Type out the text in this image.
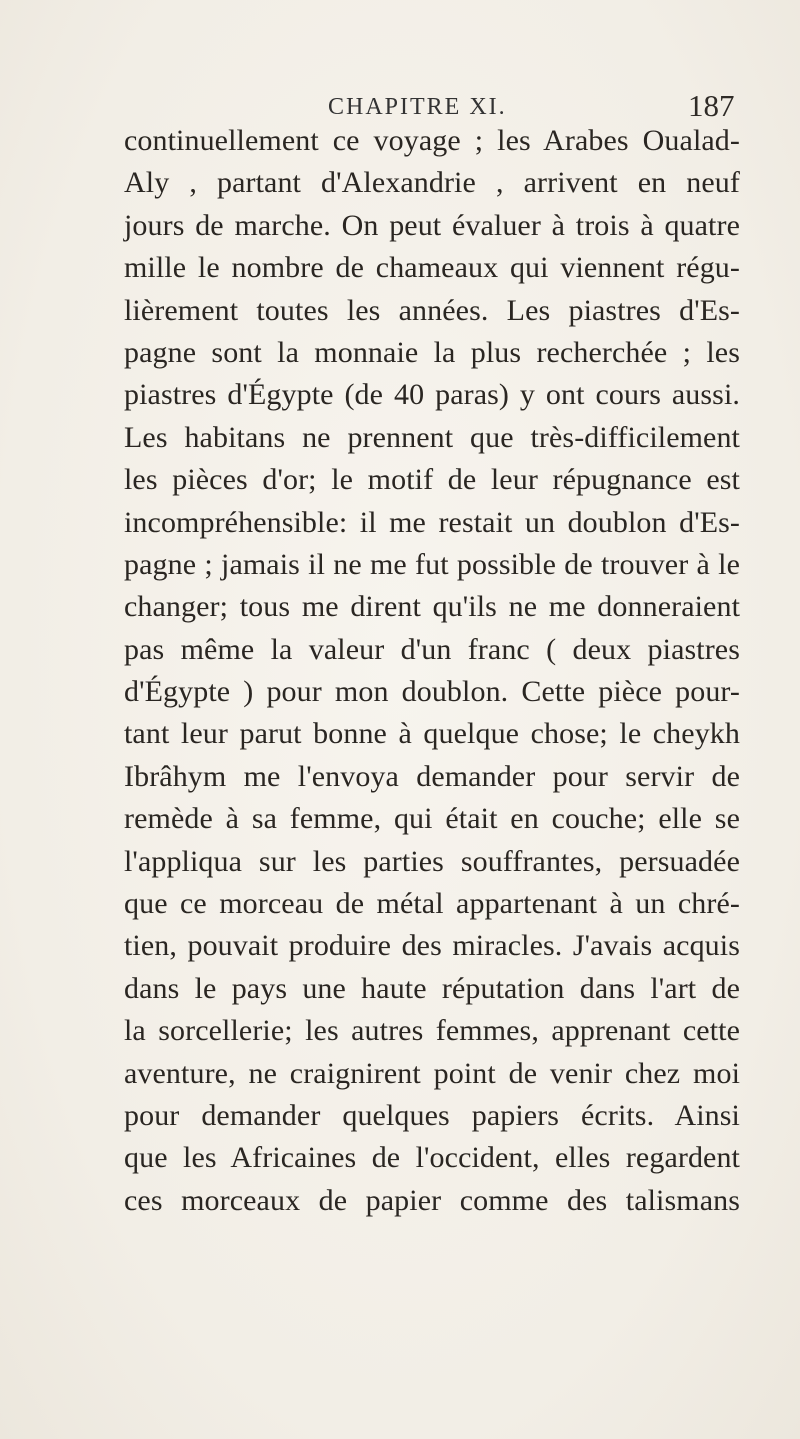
CHAPITRE XI.	187
continuellement ce voyage ; les Arabes Oualad-
Aly , partant d'Alexandrie , arrivent en neuf
jours de marche. On peut évaluer à trois à quatre
mille le nombre de chameaux qui viennent régu-
lièrement toutes les années. Les piastres d'Es-
pagne sont la monnaie la plus recherchée ; les
piastres d'Égypte (de 40 paras) y ont cours aussi.
Les habitans ne prennent que très-difficilement
les pièces d'or; le motif de leur répugnance est
incompréhensible: il me restait un doublon d'Es-
pagne ; jamais il ne me fut possible de trouver à le
changer; tous me dirent qu'ils ne me donneraient
pas même la valeur d'un franc ( deux piastres
d'Égypte ) pour mon doublon. Cette pièce pour-
tant leur parut bonne à quelque chose; le cheykh
Ibrâhym me l'envoya demander pour servir de
remède à sa femme, qui était en couche; elle se
l'appliqua sur les parties souffrantes, persuadée
que ce morceau de métal appartenant à un chré-
tien, pouvait produire des miracles. J'avais acquis
dans le pays une haute réputation dans l'art de
la sorcellerie; les autres femmes, apprenant cette
aventure, ne craignirent point de venir chez moi
pour demander quelques papiers écrits. Ainsi
que les Africaines de l'occident, elles regardent
ces morceaux de papier comme des talismans
